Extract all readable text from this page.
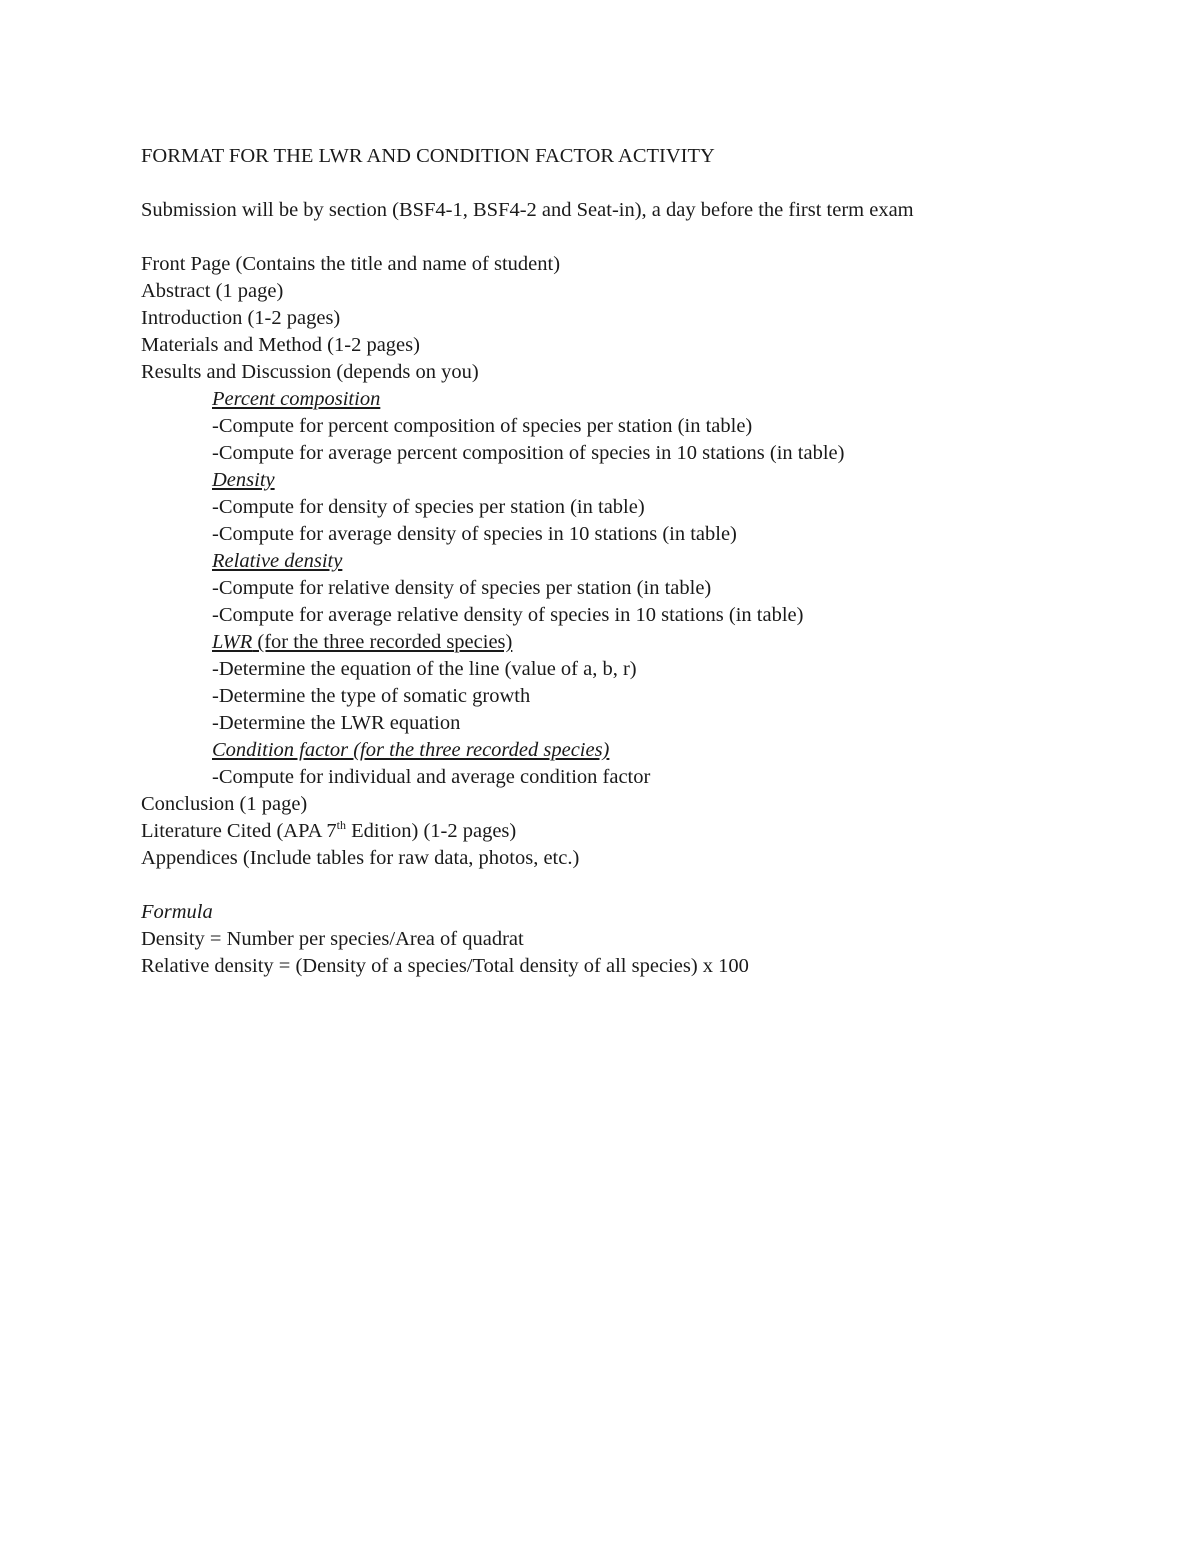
FORMAT FOR THE LWR AND CONDITION FACTOR ACTIVITY
Submission will be by section (BSF4-1, BSF4-2 and Seat-in), a day before the first term exam
Front Page (Contains the title and name of student)
Abstract (1 page)
Introduction (1-2 pages)
Materials and Method (1-2 pages)
Results and Discussion (depends on you)
Percent composition
-Compute for percent composition of species per station (in table)
-Compute for average percent composition of species in 10 stations (in table)
Density
-Compute for density of species per station (in table)
-Compute for average density of species in 10 stations (in table)
Relative density
-Compute for relative density of species per station (in table)
-Compute for average relative density of species in 10 stations (in table)
LWR (for the three recorded species)
-Determine the equation of the line (value of a, b, r)
-Determine the type of somatic growth
-Determine the LWR equation
Condition factor (for the three recorded species)
-Compute for individual and average condition factor
Conclusion (1 page)
Literature Cited (APA 7th Edition) (1-2 pages)
Appendices (Include tables for raw data, photos, etc.)
Formula
Density = Number per species/Area of quadrat
Relative density = (Density of a species/Total density of all species) x 100
